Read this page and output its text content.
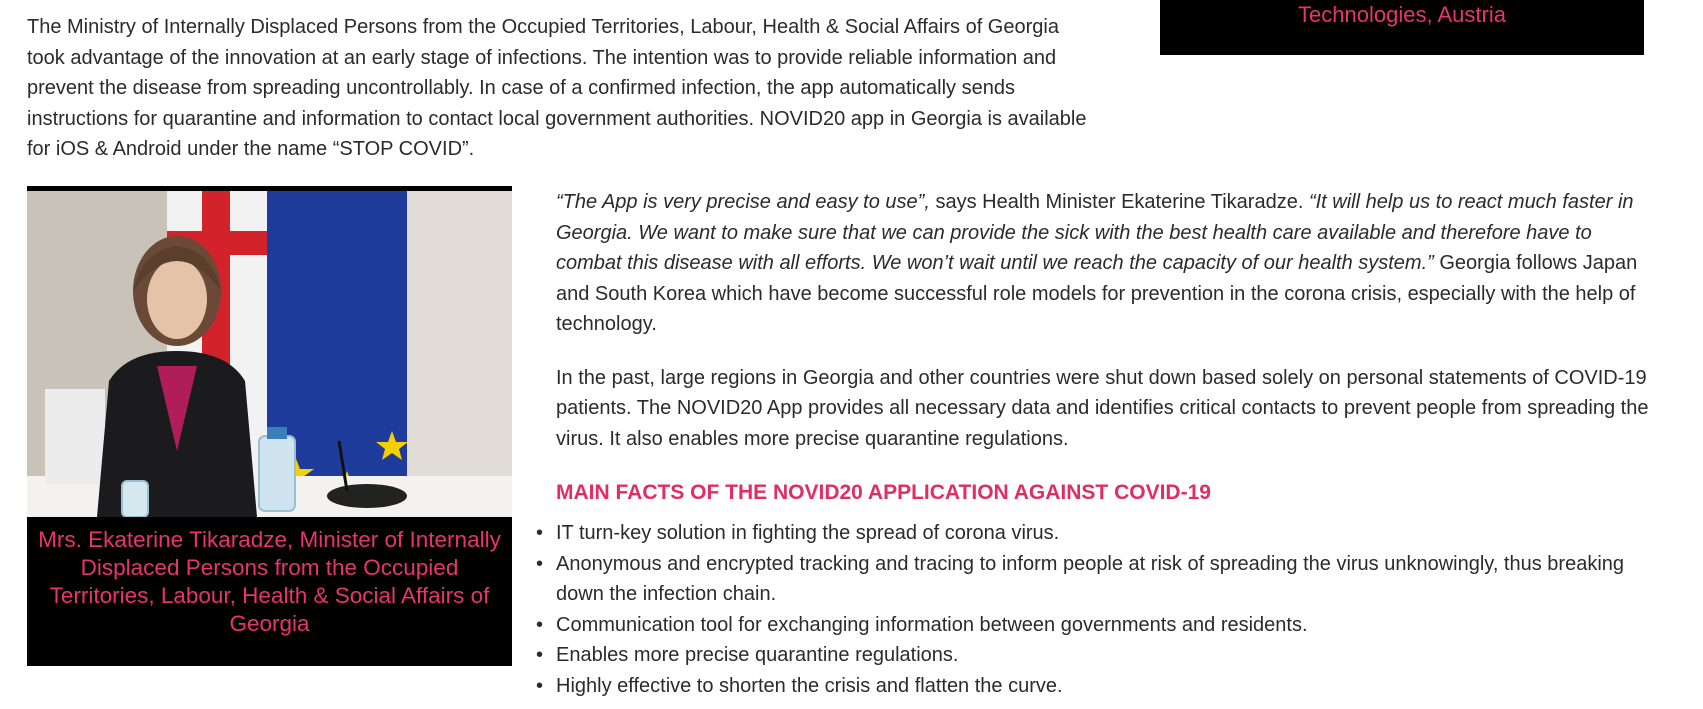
Technologies, Austria

The Ministry of Internally Displaced Persons from the Occupied Territories, Labour, Health & Social Affairs of Georgia took advantage of the innovation at an early stage of infections. The intention was to provide reliable information and prevent the disease from spreading uncontrollably. In case of a confirmed infection, the app automatically sends instructions for quarantine and information to contact local government authorities. NOVID20 app in Georgia is available for iOS & Android under the name “STOP COVID”.

Mrs. Ekaterine Tikaradze, Minister of Internally Displaced Persons from the Occupied Territories, Labour, Health & Social Affairs of Georgia

“The App is very precise and easy to use”, says Health Minister Ekaterine Tikaradze. “It will help us to react much faster in Georgia. We want to make sure that we can provide the sick with the best health care available and therefore have to combat this disease with all efforts. We won’t wait until we reach the capacity of our health system.” Georgia follows Japan and South Korea which have become successful role models for prevention in the corona crisis, especially with the help of technology.

In the past, large regions in Georgia and other countries were shut down based solely on personal statements of COVID-19 patients. The NOVID20 App provides all necessary data and identifies critical contacts to prevent people from spreading the virus. It also enables more precise quarantine regulations.

MAIN FACTS OF THE NOVID20 APPLICATION AGAINST COVID-19
• IT turn-key solution in fighting the spread of corona virus.
• Anonymous and encrypted tracking and tracing to inform people at risk of spreading the virus unknowingly, thus breaking down the infection chain.
• Communication tool for exchanging information between governments and residents.
• Enables more precise quarantine regulations.
• Highly effective to shorten the crisis and flatten the curve.
